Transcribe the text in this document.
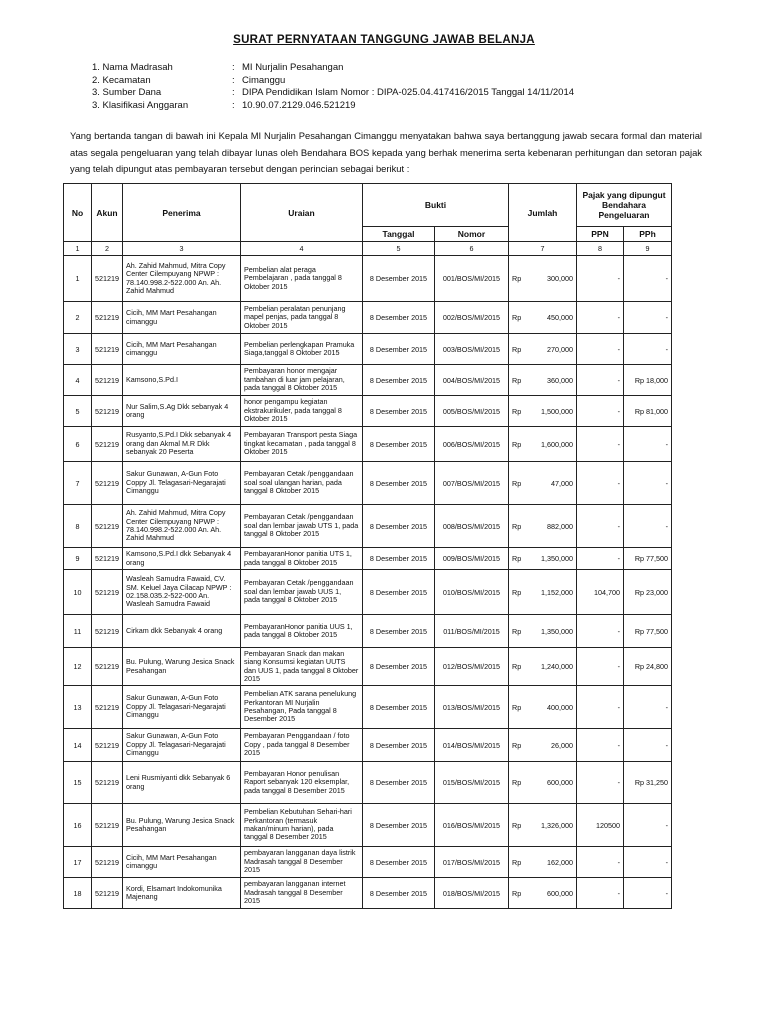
SURAT PERNYATAAN TANGGUNG JAWAB BELANJA
1. Nama Madrasah	: MI Nurjalin Pesahangan
2. Kecamatan	: Cimanggu
3. Sumber Dana	: DIPA Pendidikan Islam Nomor : DIPA-025.04.417416/2015 Tanggal 14/11/2014
3. Klasifikasi Anggaran	: 10.90.07.2129.046.521219
Yang bertanda tangan di bawah ini Kepala MI Nurjalin Pesahangan Cimanggu menyatakan bahwa saya bertanggung jawab secara formal dan material atas segala pengeluaran yang telah dibayar lunas oleh Bendahara BOS kepada yang berhak menerima serta kebenaran perhitungan dan setoran pajak yang telah dipungut atas pembayaran tersebut dengan perincian sebagai berikut :
No	Akun	Penerima	Uraian	Bukti		Jumlah	Pajak yang dipungut Bendahara Pengeluaran	
				Tanggal	Nomor		PPN	PPh
1	2	3	4	5	6	7	8	9
1	521219	Ah. Zahid Mahmud, Mitra Copy Center Cilempuyang NPWP : 78.140.998.2-522.000 An. Ah. Zahid Mahmud	Pembelian alat peraga Pembelajaran , pada tanggal 8 Oktober 2015	8 Desember 2015	001/BOS/MI/2015	Rp 300,000	-	-
2	521219	Cicih, MM Mart Pesahangan cimanggu	Pembelian peralatan penunjang mapel penjas, pada tanggal 8 Oktober 2015	8 Desember 2015	002/BOS/MI/2015	Rp 450,000	-	-
3	521219	Cicih, MM Mart Pesahangan cimanggu	Pembelian perlengkapan Pramuka Siaga,tanggal 8 Oktober 2015	8 Desember 2015	003/BOS/MI/2015	Rp 270,000	-	-
4	521219	Kamsono,S.Pd.I	Pembayaran honor mengajar tambahan di luar jam pelajaran, pada tanggal 8 Oktober 2015	8 Desember 2015	004/BOS/MI/2015	Rp 360,000	-	Rp 18,000
5	521219	Nur Salim,S.Ag Dkk sebanyak 4 orang	honor pengampu kegiatan ekstrakurikuler, pada tanggal 8 Oktober 2015	8 Desember 2015	005/BOS/MI/2015	Rp 1,500,000	-	Rp 81,000
6	521219	Rusyanto,S.Pd.I Dkk sebanyak 4 orang dan Akmal M.R Dkk sebanyak 20 Peserta	Pembayaran Transport pesta Siaga tingkat kecamatan , pada tanggal 8 Oktober 2015	8 Desember 2015	006/BOS/MI/2015	Rp 1,600,000	-	-
7	521219	Sakur Gunawan, A-Gun Foto Coppy Jl. Telagasari-Negarajati Cimanggu	Pembayaran Cetak /penggandaan soal soal ulangan harian, pada tanggal 8 Oktober 2015	8 Desember 2015	007/BOS/MI/2015	Rp 47,000	-	-
8	521219	Ah. Zahid Mahmud, Mitra Copy Center Cilempuyang NPWP : 78.140.998.2-522.000 An. Ah. Zahid Mahmud	Pembayaran Cetak /penggandaan soal dan lembar jawab UTS 1, pada tanggal 8 Oktober 2015	8 Desember 2015	008/BOS/MI/2015	Rp 882,000	-	-
9	521219	Kamsono,S.Pd.I dkk Sebanyak 4 orang	PembayaranHonor panitia UTS 1, pada tanggal 8 Oktober 2015	8 Desember 2015	009/BOS/MI/2015	Rp 1,350,000	-	Rp 77,500
10	521219	Wasleah Samudra Fawaid, CV. SM. Keluel Jaya Cilacap NPWP : 02.158.035.2-522-000 An. Wasleah Samudra Fawaid	Pembayaran Cetak /penggandaan soal dan lembar jawab UUS 1, pada tanggal 8 Oktober 2015	8 Desember 2015	010/BOS/MI/2015	Rp 1,152,000	104,700	Rp 23,000
11	521219	Cirkam dkk Sebanyak 4 orang	PembayaranHonor panitia UUS 1, pada tanggal 8 Oktober 2015	8 Desember 2015	011/BOS/MI/2015	Rp 1,350,000	-	Rp 77,500
12	521219	Bu. Pulung, Warung Jesica Snack Pesahangan	Pembayaran Snack dan makan siang Konsumsi kegiatan UUTS dan UUS 1, pada tanggal 8 Oktober 2015	8 Desember 2015	012/BOS/MI/2015	Rp 1,240,000	-	Rp 24,800
13	521219	Sakur Gunawan, A-Gun Foto Coppy Jl. Telagasari-Negarajati Cimanggu	Pembelian ATK sarana penelukung Perkantoran MI Nurjalin Pesahangan, Pada tanggal 8 Desember 2015	8 Desember 2015	013/BOS/MI/2015	Rp 400,000	-	-
14	521219	Sakur Gunawan, A-Gun Foto Coppy Jl. Telagasari-Negarajati Cimanggu	Pembayaran Penggandaan / foto Copy , pada tanggal 8 Desember 2015	8 Desember 2015	014/BOS/MI/2015	Rp 26,000	-	-
15	521219	Leni Rusmiyanti dkk Sebanyak 6 orang	Pembayaran Honor penulisan Raport sebanyak 120 eksemplar, pada tanggal 8 Desember 2015	8 Desember 2015	015/BOS/MI/2015	Rp 600,000	-	Rp 31,250
16	521219	Bu. Pulung, Warung Jesica Snack Pesahangan	Pembelian Kebutuhan Sehari-hari Perkantoran (termasuk makan/minum harian), pada tanggal 8 Desember 2015	8 Desember 2015	016/BOS/MI/2015	Rp 1,326,000	120500	-
17	521219	Cicih, MM Mart Pesahangan cimanggu	pembayaran langganan daya listrik Madrasah tanggal 8 Desember 2015	8 Desember 2015	017/BOS/MI/2015	Rp 162,000	-	-
18	521219	Kordi, Elsamart Indokomunika Majenang	pembayaran langganan internet Madrasah tanggal 8 Desember 2015	8 Desember 2015	018/BOS/MI/2015	Rp 600,000	-	-
